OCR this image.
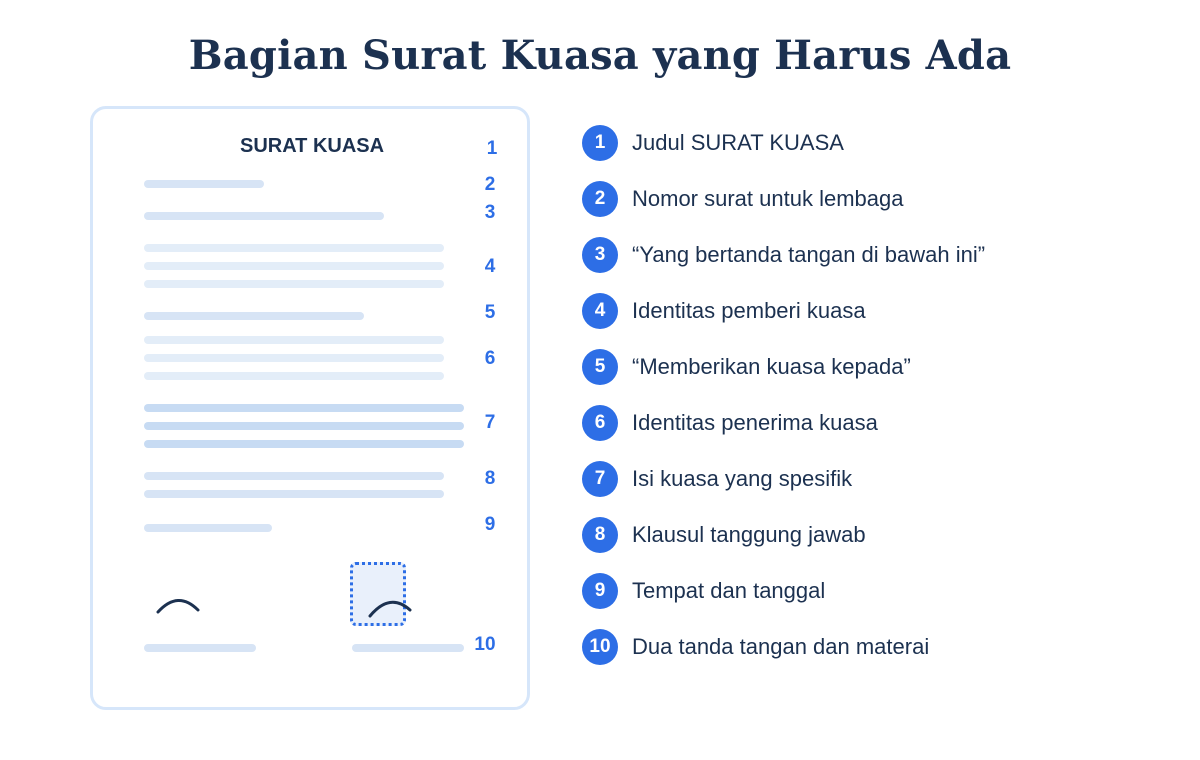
Bagian Surat Kuasa yang Harus Ada
SURAT KUASA	1
2
3
4
5
6
7
8
9
10
1	Judul SURAT KUASA
2	Nomor surat untuk lembaga
3	“Yang bertanda tangan di bawah ini”
4	Identitas pemberi kuasa
5	“Memberikan kuasa kepada”
6	Identitas penerima kuasa
7	Isi kuasa yang spesifik
8	Klausul tanggung jawab
9	Tempat dan tanggal
10 Dua tanda tangan dan materai
